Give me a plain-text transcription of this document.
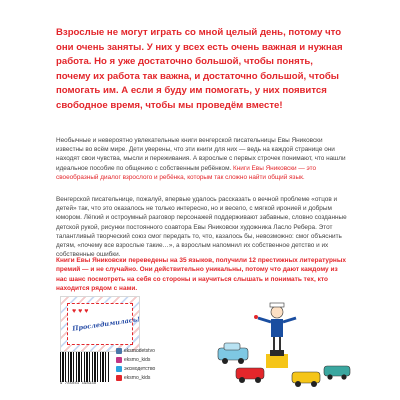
Взрослые не могут играть со мной целый день, потому что они очень заняты. У них у всех есть очень важная и нужная работа. Но я уже достаточно большой, чтобы понять, почему их работа так важна, и достаточно большой, чтобы помогать им. А если я буду им помогать, у них появится свободное время, чтобы мы проведём вместе!

Необычные и невероятно увлекательные книги венгерской писательницы Евы Яниковски известны во всём мире. Дети уверены, что эти книги для них — ведь на каждой странице они находят свои чувства, мысли и переживания. А взрослые с первых строчек понимают, что нашли идеальное пособие по общению с собственным ребёнком. Книги Евы Яниковски — это своеобразный диалог взрослого и ребёнка, которым так сложно найти общий язык.

Венгерской писательнице, пожалуй, впервые удалось рассказать о вечной проблеме «отцов и детей» так, что это оказалось не только интересно, но и весело, с мягкой иронией и добрым юмором. Лёгкий и остроумный разговор персонажей поддерживают забавные, словно созданные детской рукой, рисунки постоянного соавтора Евы Яниковски художника Ласло Ребера. Этот талантливый творческий союз смог передать то, что, казалось бы, невозможно: смог объяснить детям, «почему все взрослые такие…», а взрослым напомнил их собственное детство и их собственные ошибки.

Книги Евы Яниковски переведены на 35 языков, получили 12 престижных литературных премий — и не случайно. Они действительно уникальны, потому что дают каждому из нас шанс посмотреть на себя со стороны и научиться слышать и понимать тех, кто находится рядом с нами.

♥ ♥ ♥
Проследимилась!
9 785041 198338
eksmodetstvo
eksmo_kids
эксмодетство
eksmo_kids
